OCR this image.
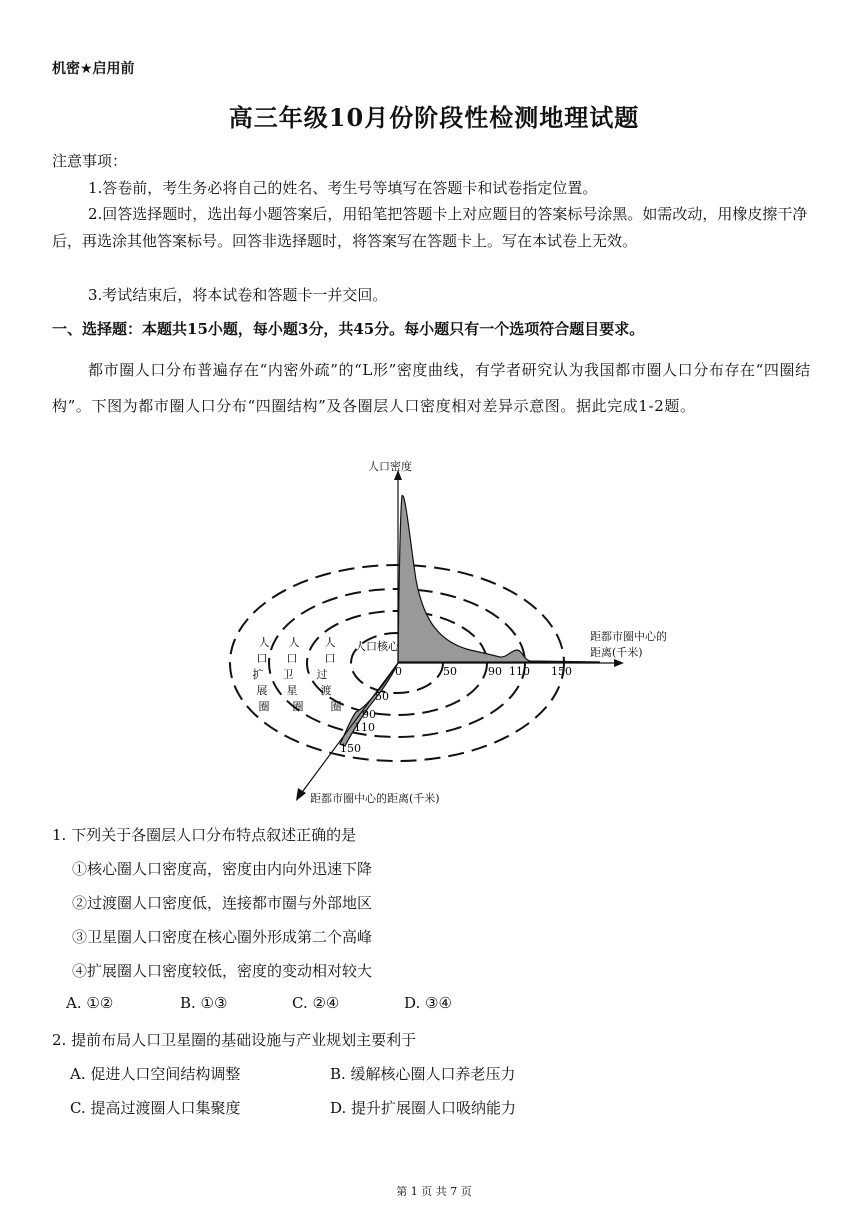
机密★启用前
高三年级10月份阶段性检测地理试题
注意事项：
1.答卷前，考生务必将自己的姓名、考生号等填写在答题卡和试卷指定位置。
2.回答选择题时，选出每小题答案后，用铅笔把答题卡上对应题目的答案标号涂黑。如需改动，用橡皮擦干净后，再选涂其他答案标号。回答非选择题时，将答案写在答题卡上。写在本试卷上无效。
3.考试结束后，将本试卷和答题卡一并交回。
一、选择题：本题共15小题，每小题3分，共45分。每小题只有一个选项符合题目要求。
都市圈人口分布普遍存在“内密外疏”的“L形”密度曲线，有学者研究认为我国都市圈人口分布存在“四圈结构”。下图为都市圈人口分布“四圈结构”及各圈层人口密度相对差异示意图。据此完成1-2题。
人口密度
距都市圈中心的
距离(千米)
距都市圈中心的距离(千米)
0	50	90 110 150
50
90
110
150
人口核心
人
口
过
渡
圈
人
口
卫
星
圈
人
口
扩
展
圈
1. 下列关于各圈层人口分布特点叙述正确的是
①核心圈人口密度高，密度由内向外迅速下降
②过渡圈人口密度低，连接都市圈与外部地区
③卫星圈人口密度在核心圈外形成第二个高峰
④扩展圈人口密度较低，密度的变动相对较大
A. ①②	B. ①③	C. ②④	D. ③④
2. 提前布局人口卫星圈的基础设施与产业规划主要利于
A. 促进人口空间结构调整	B. 缓解核心圈人口养老压力
C. 提高过渡圈人口集聚度	D. 提升扩展圈人口吸纳能力
第 1 页 共 7 页
